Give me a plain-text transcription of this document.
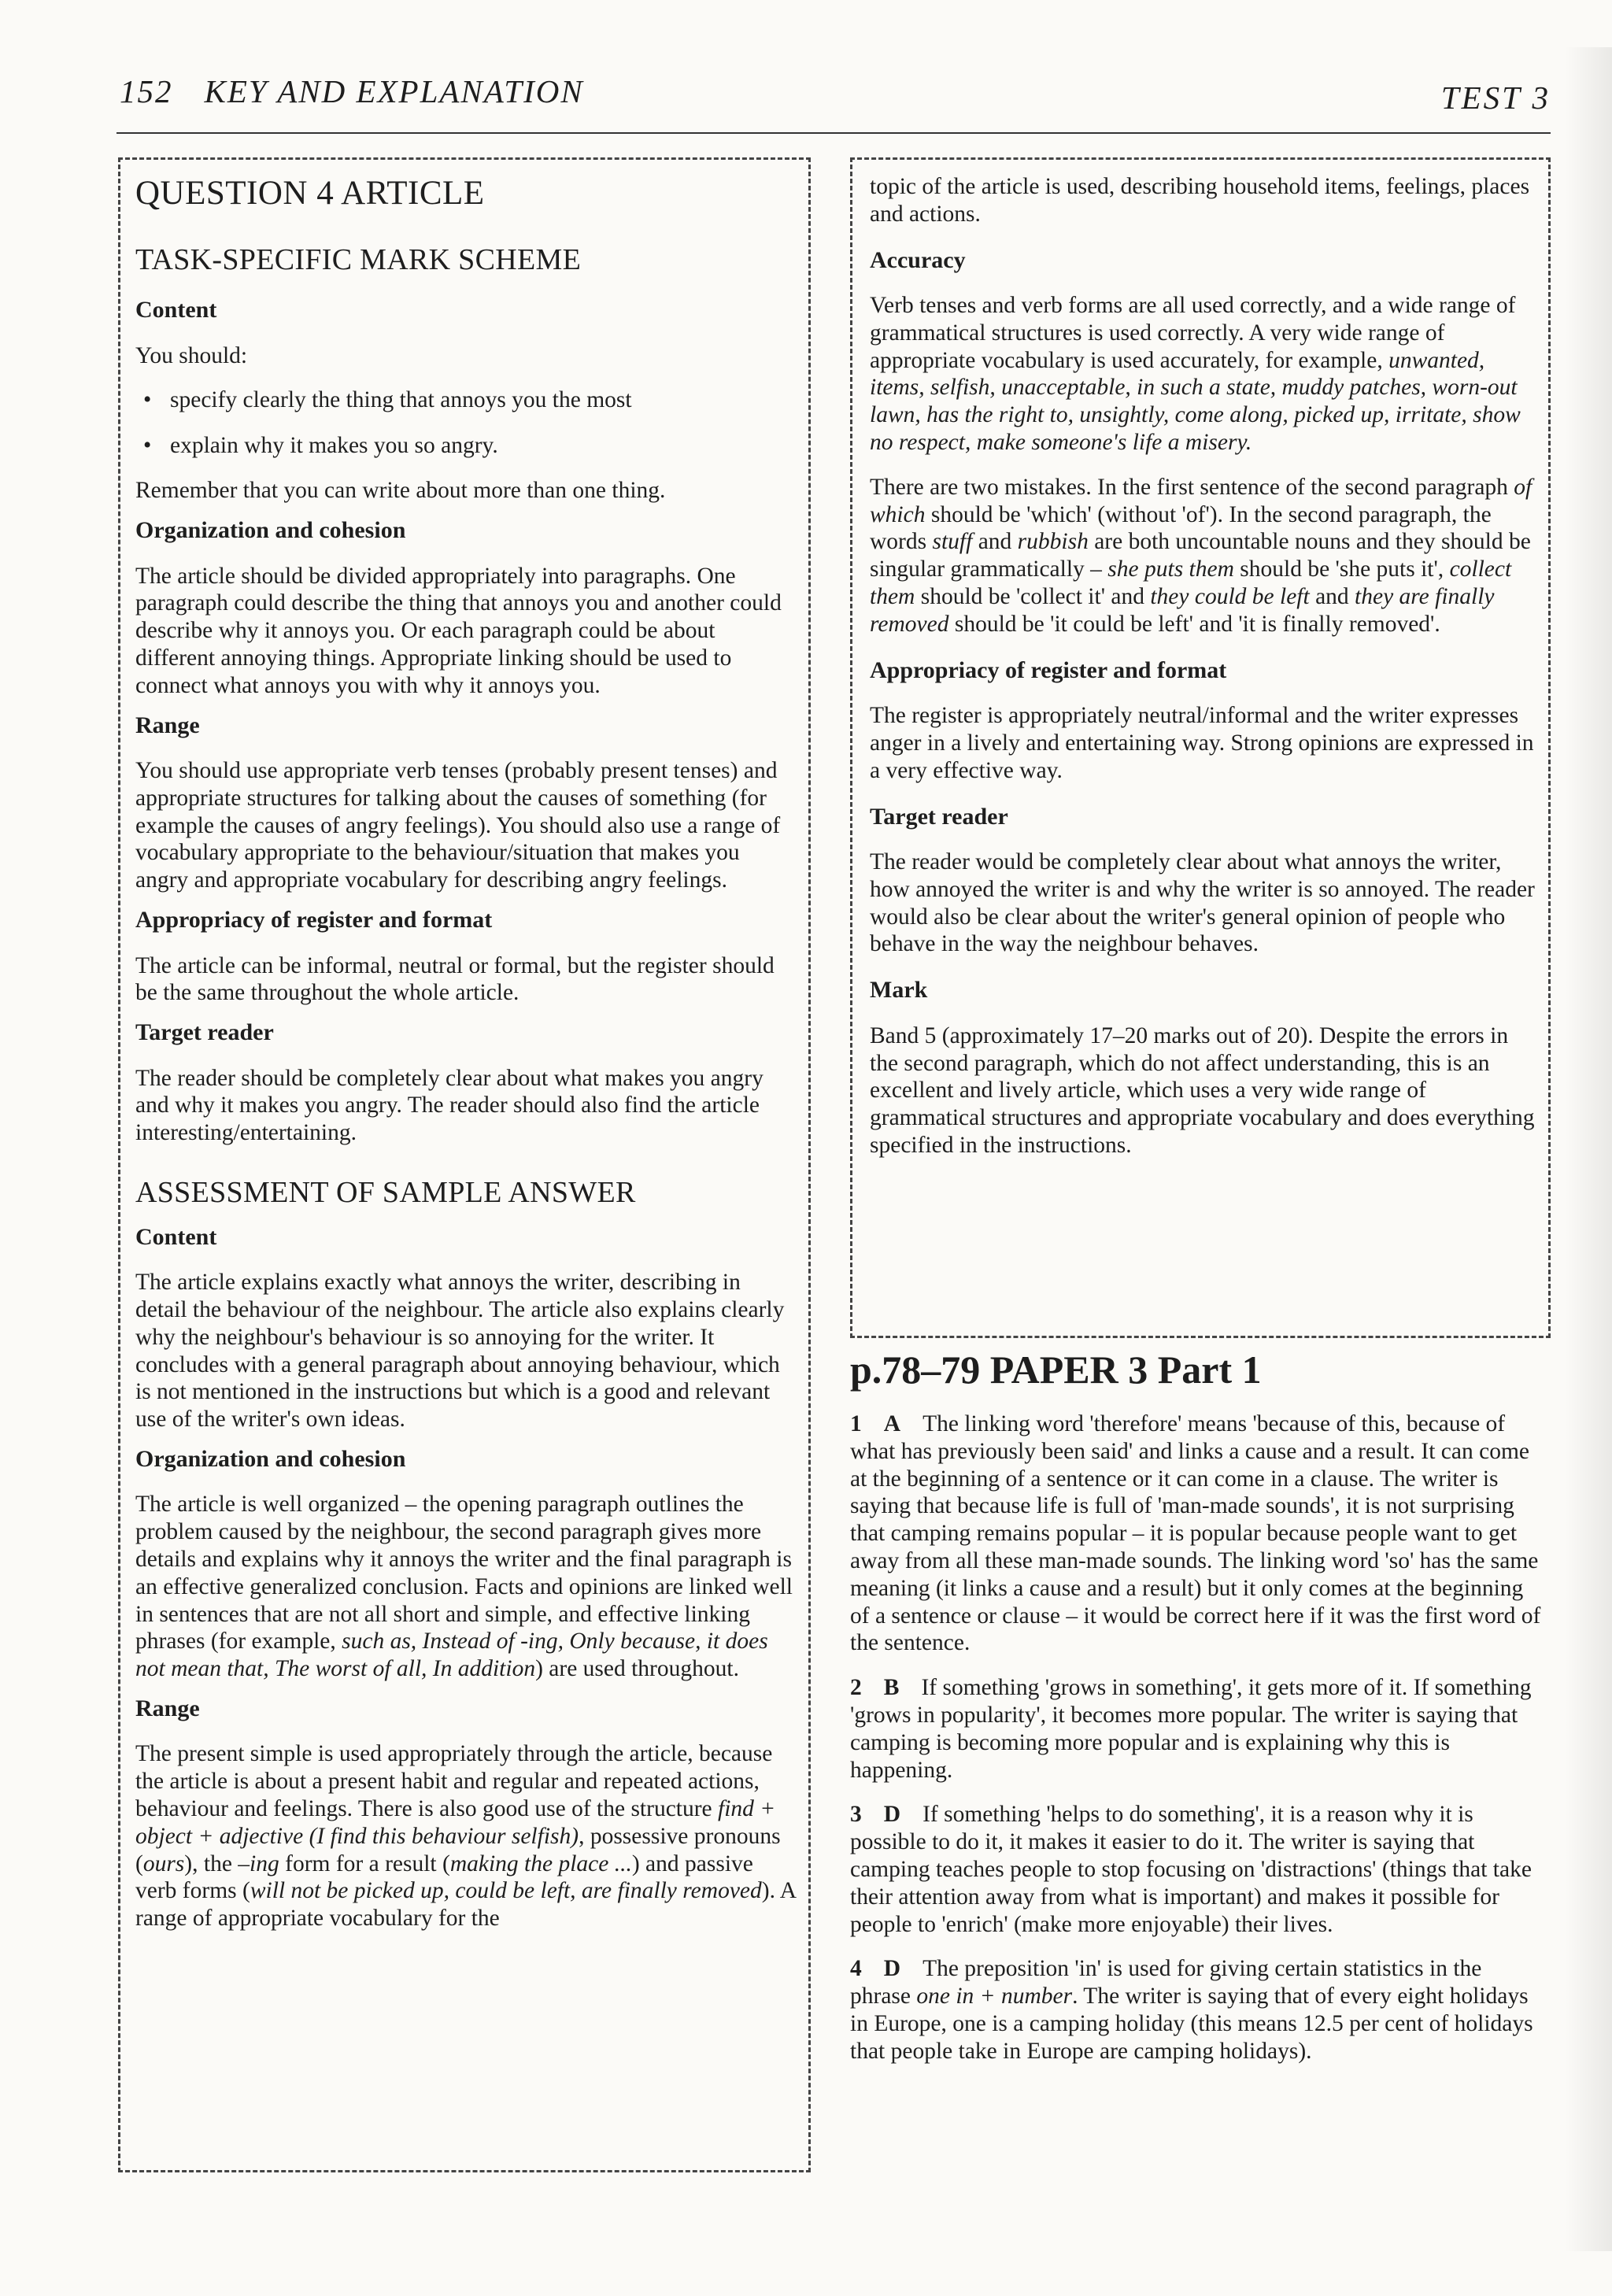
152 KEY AND EXPLANATION	TEST 3
QUESTION 4 ARTICLE
TASK-SPECIFIC MARK SCHEME

Content

You should:

• specify clearly the thing that annoys you the most
• explain why it makes you so angry.

Remember that you can write about more than one thing.

Organization and cohesion

The article should be divided appropriately into paragraphs. One paragraph could describe the thing that annoys you and another could describe why it annoys you. Or each paragraph could be about different annoying things. Appropriate linking should be used to connect what annoys you with why it annoys you.

Range

You should use appropriate verb tenses (probably present tenses) and appropriate structures for talking about the causes of something (for example the causes of angry feelings). You should also use a range of vocabulary appropriate to the behaviour/situation that makes you angry and appropriate vocabulary for describing angry feelings.

Appropriacy of register and format

The article can be informal, neutral or formal, but the register should be the same throughout the whole article.

Target reader

The reader should be completely clear about what makes you angry and why it makes you angry. The reader should also find the article interesting/entertaining.

ASSESSMENT OF SAMPLE ANSWER

Content

The article explains exactly what annoys the writer, describing in detail the behaviour of the neighbour. The article also explains clearly why the neighbour's behaviour is so annoying for the writer. It concludes with a general paragraph about annoying behaviour, which is not mentioned in the instructions but which is a good and relevant use of the writer's own ideas.

Organization and cohesion

The article is well organized – the opening paragraph outlines the problem caused by the neighbour, the second paragraph gives more details and explains why it annoys the writer and the final paragraph is an effective generalized conclusion. Facts and opinions are linked well in sentences that are not all short and simple, and effective linking phrases (for example, such as, Instead of -ing, Only because, it does not mean that, The worst of all, In addition) are used throughout.

Range

The present simple is used appropriately through the article, because the article is about a present habit and regular and repeated actions, behaviour and feelings. There is also good use of the structure find + object + adjective (I find this behaviour selfish), possessive pronouns (ours), the –ing form for a result (making the place ...) and passive verb forms (will not be picked up, could be left, are finally removed). A range of appropriate vocabulary for the

topic of the article is used, describing household items, feelings, places and actions.

Accuracy

Verb tenses and verb forms are all used correctly, and a wide range of grammatical structures is used correctly. A very wide range of appropriate vocabulary is used accurately, for example, unwanted, items, selfish, unacceptable, in such a state, muddy patches, worn-out lawn, has the right to, unsightly, come along, picked up, irritate, show no respect, make someone's life a misery.

There are two mistakes. In the first sentence of the second paragraph of which should be 'which' (without 'of'). In the second paragraph, the words stuff and rubbish are both uncountable nouns and they should be singular grammatically – she puts them should be 'she puts it', collect them should be 'collect it' and they could be left and they are finally removed should be 'it could be left' and 'it is finally removed'.

Appropriacy of register and format

The register is appropriately neutral/informal and the writer expresses anger in a lively and entertaining way. Strong opinions are expressed in a very effective way.

Target reader

The reader would be completely clear about what annoys the writer, how annoyed the writer is and why the writer is so annoyed. The reader would also be clear about the writer's general opinion of people who behave in the way the neighbour behaves.

Mark

Band 5 (approximately 17–20 marks out of 20). Despite the errors in the second paragraph, which do not affect understanding, this is an excellent and lively article, which uses a very wide range of grammatical structures and appropriate vocabulary and does everything specified in the instructions.

p.78–79 PAPER 3 Part 1

1 A The linking word 'therefore' means 'because of this, because of what has previously been said' and links a cause and a result. It can come at the beginning of a sentence or it can come in a clause. The writer is saying that because life is full of 'man-made sounds', it is not surprising that camping remains popular – it is popular because people want to get away from all these man-made sounds. The linking word 'so' has the same meaning (it links a cause and a result) but it only comes at the beginning of a sentence or clause – it would be correct here if it was the first word of the sentence.

2 B If something 'grows in something', it gets more of it. If something 'grows in popularity', it becomes more popular. The writer is saying that camping is becoming more popular and is explaining why this is happening.

3 D If something 'helps to do something', it is a reason why it is possible to do it, it makes it easier to do it. The writer is saying that camping teaches people to stop focusing on 'distractions' (things that take their attention away from what is important) and makes it possible for people to 'enrich' (make more enjoyable) their lives.

4 D The preposition 'in' is used for giving certain statistics in the phrase one in + number. The writer is saying that of every eight holidays in Europe, one is a camping holiday (this means 12.5 per cent of holidays that people take in Europe are camping holidays).
